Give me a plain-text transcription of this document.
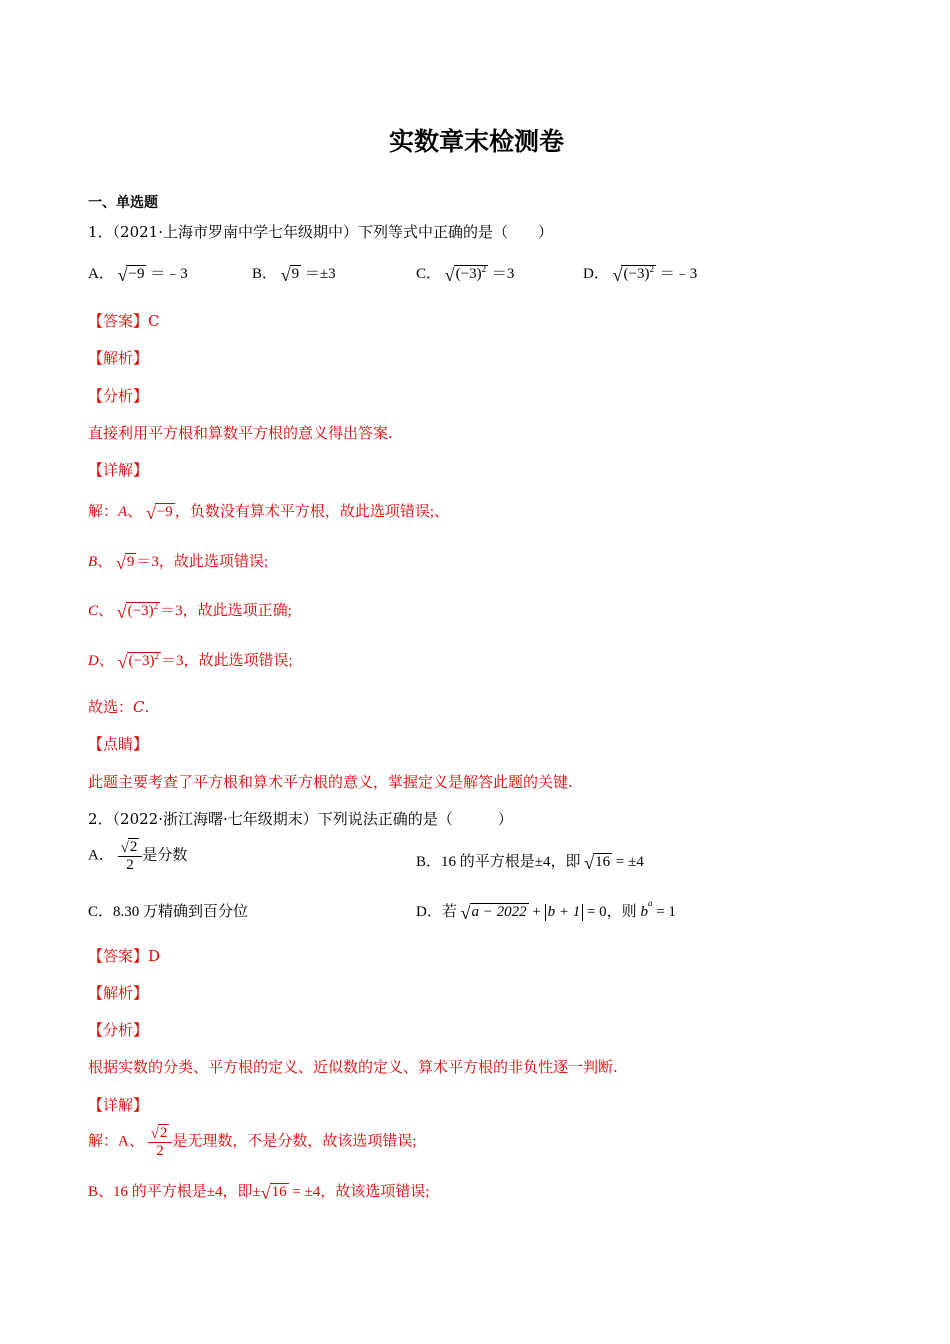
实数章末检测卷
一、单选题
1．（2021·上海市罗南中学七年级期中）下列等式中正确的是（　　）
A． √ −9 ＝﹣3	B． √ 9 ＝±3	C． √ $(-3)^2 =3$	D． √ $(-3)^2$ ＝﹣3
【答案】C
【解析】
【分析】
直接利用平方根和算数平方根的意义得出答案.
【详解】
解：A、 √ −9 ，负数没有算术平方根，故此选项错误;、
B、 √ 9 ＝3，故此选项错误;
C、 √ $(-3)^2 =3$，故此选项正确;
D、 √ $(-3)^2 =3$，故此选项错误;
故选：C.
【点睛】
此题主要考查了平方根和算术平方根的意义，掌握定义是解答此题的关键.
2．（2022·浙江海曙·七年级期末）下列说法正确的是（　　　）
A． $\frac{√ 2}{2}$ 是分数	B．16 的平方根是±4，即 √ 16 = ±4
C．8.30 万精确到百分位	D．若 √ a − 2022 + b + 1 = 0，则 $b^a = 1$
【答案】D
【解析】
【分析】
根据实数的分类、平方根的定义、近似数的定义、算术平方根的非负性逐一判断.
【详解】
解：A、 $\frac{√ 2}{2}$ 是无理数，不是分数，故该选项错误;
B、16 的平方根是±4，即± √ 16 = ±4，故该选项错误;
